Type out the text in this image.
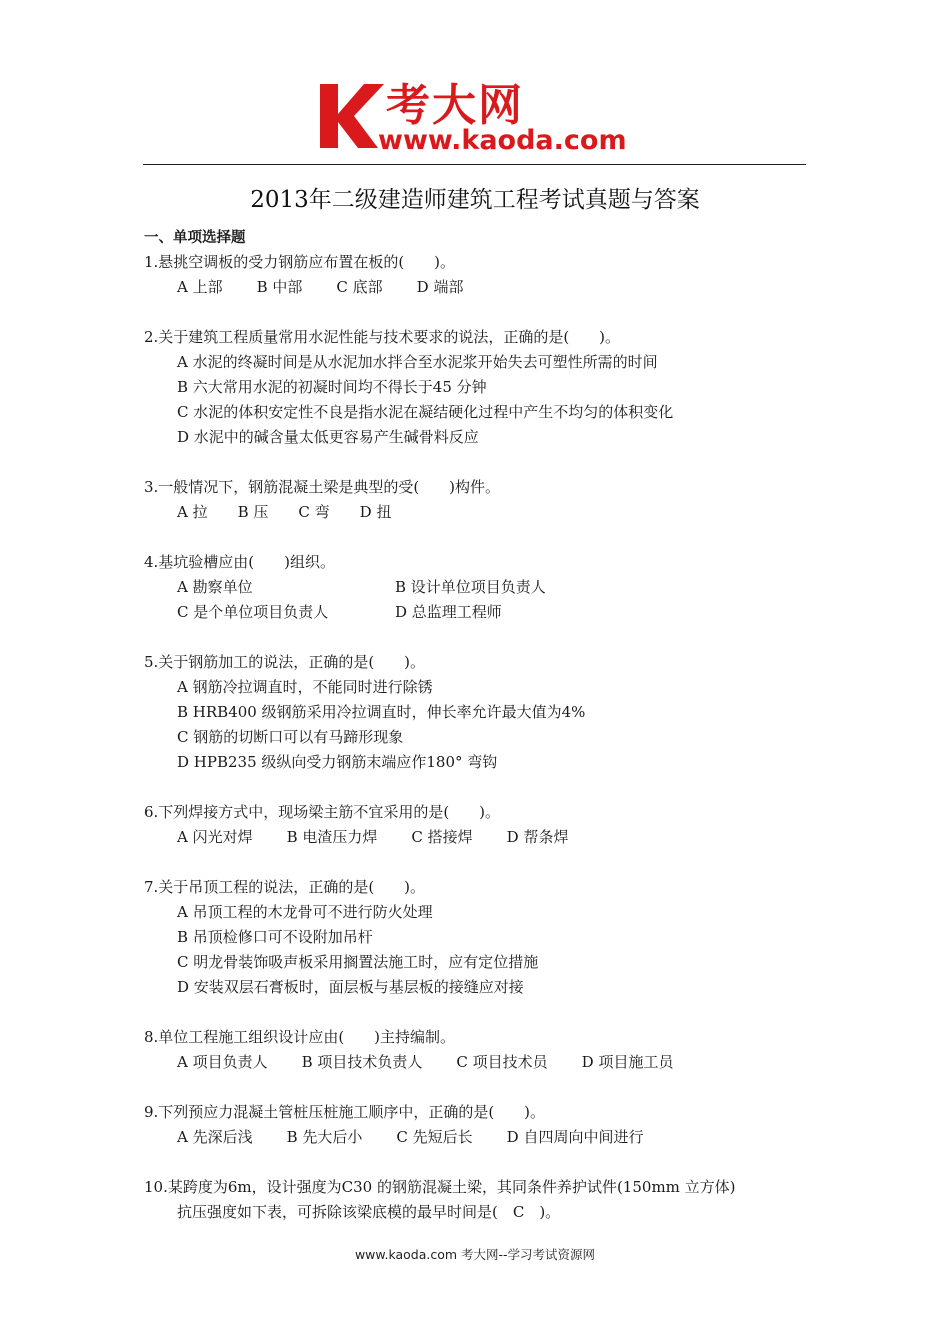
考大网
www.kaoda.com
2013年二级建造师建筑工程考试真题与答案
一、单项选择题
1.悬挑空调板的受力钢筋应布置在板的(　　)。
A 上部 B 中部 C 底部 D 端部
2.关于建筑工程质量常用水泥性能与技术要求的说法，正确的是(　　)。
A 水泥的终凝时间是从水泥加水拌合至水泥浆开始失去可塑性所需的时间
B 六大常用水泥的初凝时间均不得长于45 分钟
C 水泥的体积安定性不良是指水泥在凝结硬化过程中产生不均匀的体积变化
D 水泥中的碱含量太低更容易产生碱骨料反应
3.一般情况下，钢筋混凝土梁是典型的受(　　)构件。
A 拉 B 压 C 弯 D 扭
4.基坑验槽应由(　　)组织。
A 勘察单位	B 设计单位项目负责人
C 是个单位项目负责人	D 总监理工程师
5.关于钢筋加工的说法，正确的是(　　)。
A 钢筋冷拉调直时，不能同时进行除锈
B HRB400 级钢筋采用冷拉调直时，伸长率允许最大值为4%
C 钢筋的切断口可以有马蹄形现象
D HPB235 级纵向受力钢筋末端应作180° 弯钩
6.下列焊接方式中，现场梁主筋不宜采用的是(　　)。
A 闪光对焊 B 电渣压力焊 C 搭接焊 D 帮条焊
7.关于吊顶工程的说法，正确的是(　　)。
A 吊顶工程的木龙骨可不进行防火处理
B 吊顶检修口可不设附加吊杆
C 明龙骨装饰吸声板采用搁置法施工时，应有定位措施
D 安装双层石膏板时，面层板与基层板的接缝应对接
8.单位工程施工组织设计应由(　　)主持编制。
A 项目负责人 B 项目技术负责人 C 项目技术员 D 项目施工员
9.下列预应力混凝土管桩压桩施工顺序中，正确的是(　　)。
A 先深后浅 B 先大后小 C 先短后长 D 自四周向中间进行
10.某跨度为6m，设计强度为C30 的钢筋混凝土梁，其同条件养护试件(150mm 立方体)
抗压强度如下表，可拆除该梁底模的最早时间是(　C　)。
www.kaoda.com 考大网--学习考试资源网
